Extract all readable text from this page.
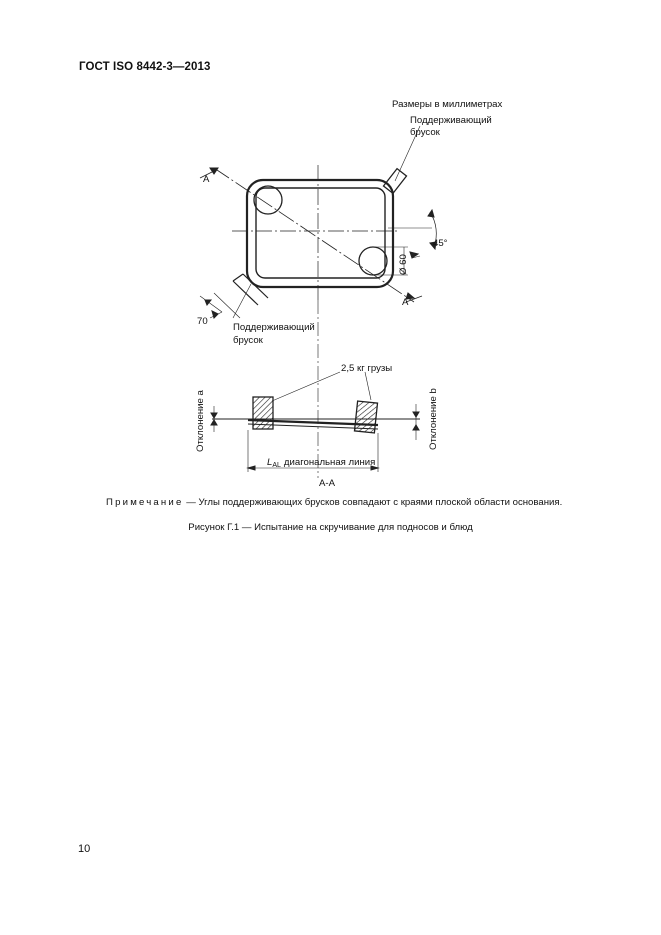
ГОСТ ISO 8442-3—2013
Размеры в миллиметрах
Поддерживающий
брусок
A
A
45°
Ø 60
70
Поддерживающий
брусок
2,5 кг грузы
Отклонение a	Отклонение b
$L_{AL}$ диагональная линия
A-A
Примечание — Углы поддерживающих брусков совпадают с краями плоской области основания.
Рисунок Г.1 — Испытание на скручивание для подносов и блюд
10
